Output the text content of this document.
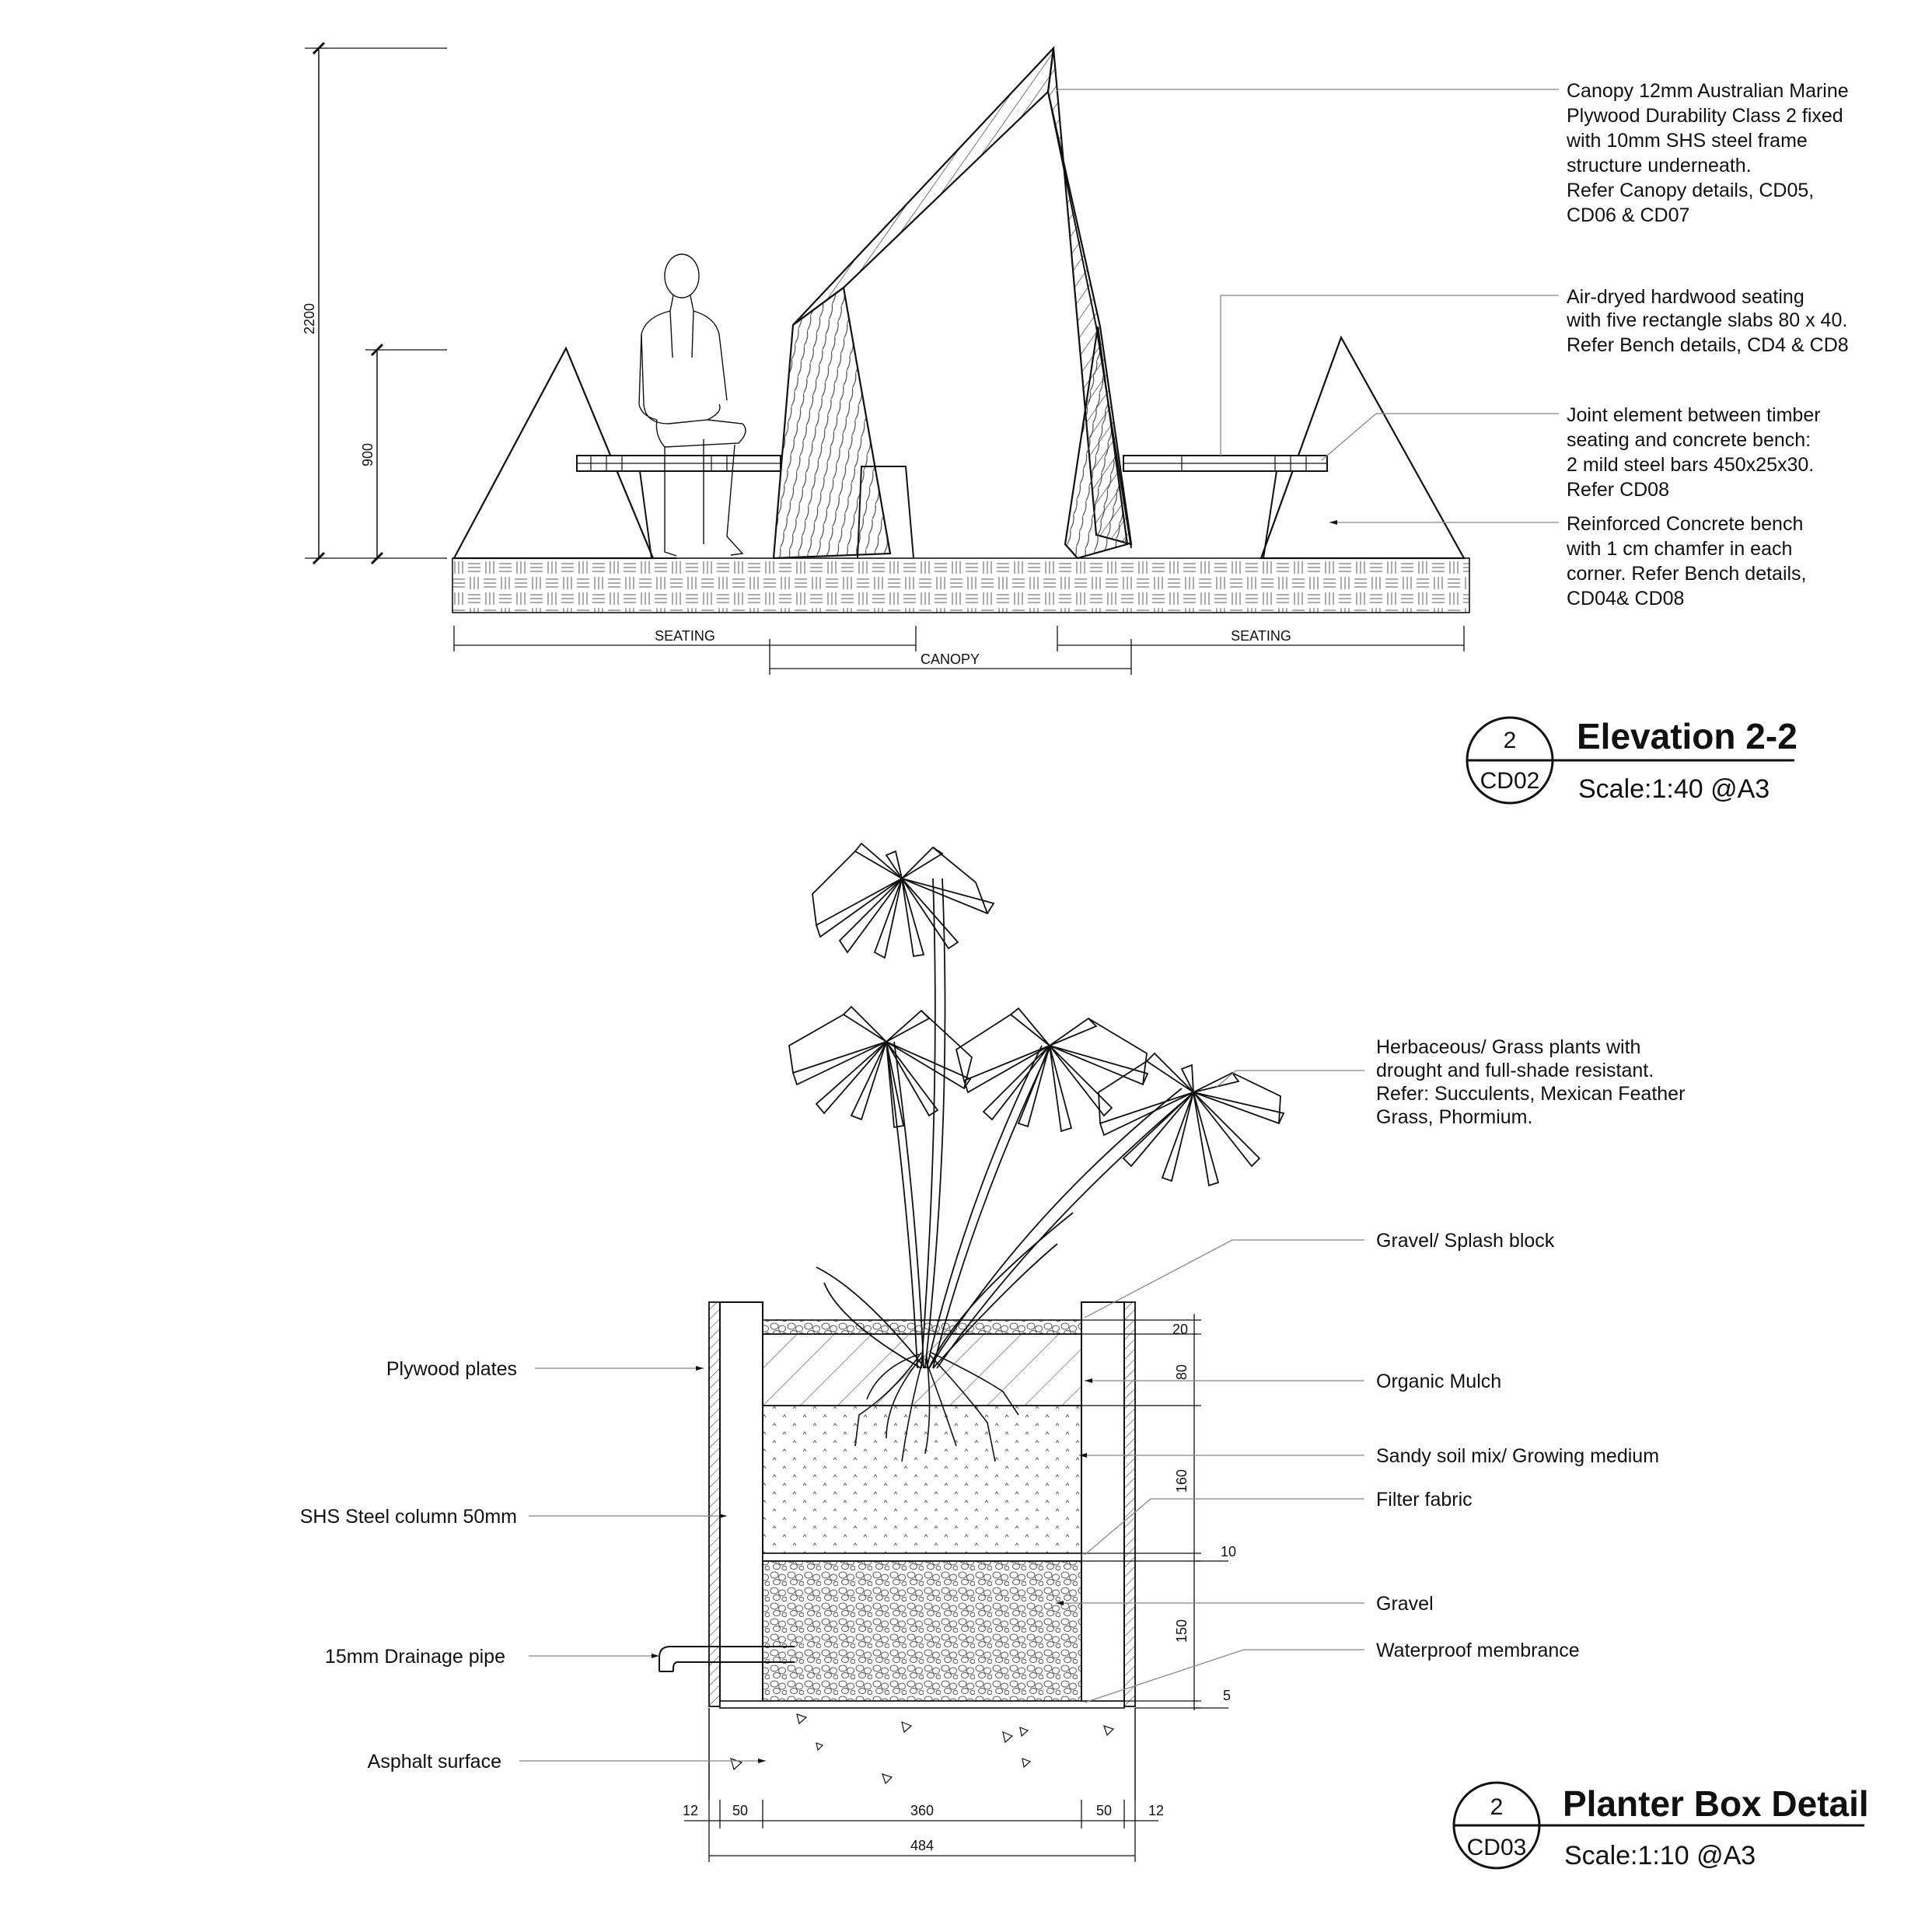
2200
900
SEATING
CANOPY
SEATING
Canopy 12mm Australian Marine
Plywood Durability Class 2 fixed
with 10mm SHS steel frame
structure underneath.
Refer Canopy details, CD05,
CD06 & CD07
Air-dryed hardwood seating
with five rectangle slabs 80 x 40.
Refer Bench details, CD4 & CD8
Joint element between timber
seating and concrete bench:
2 mild steel bars 450x25x30.
Refer CD08
Reinforced Concrete bench
with 1 cm chamfer in each
corner. Refer Bench details,
CD04& CD08
2
CD02
Elevation 2-2
Scale:1:40 @A3
20
80
160
10
150
5
12 50	360	50	12
484
Herbaceous/ Grass plants with
drought and full-shade resistant.
Refer: Succulents, Mexican Feather
Grass, Phormium.
Gravel/ Splash block
Organic Mulch
Sandy soil mix/ Growing medium
Filter fabric
Gravel
Waterproof membrance
Plywood plates
SHS Steel column 50mm
15mm Drainage pipe
Asphalt surface
2
CD03
Planter Box Detail
Scale:1:10 @A3
